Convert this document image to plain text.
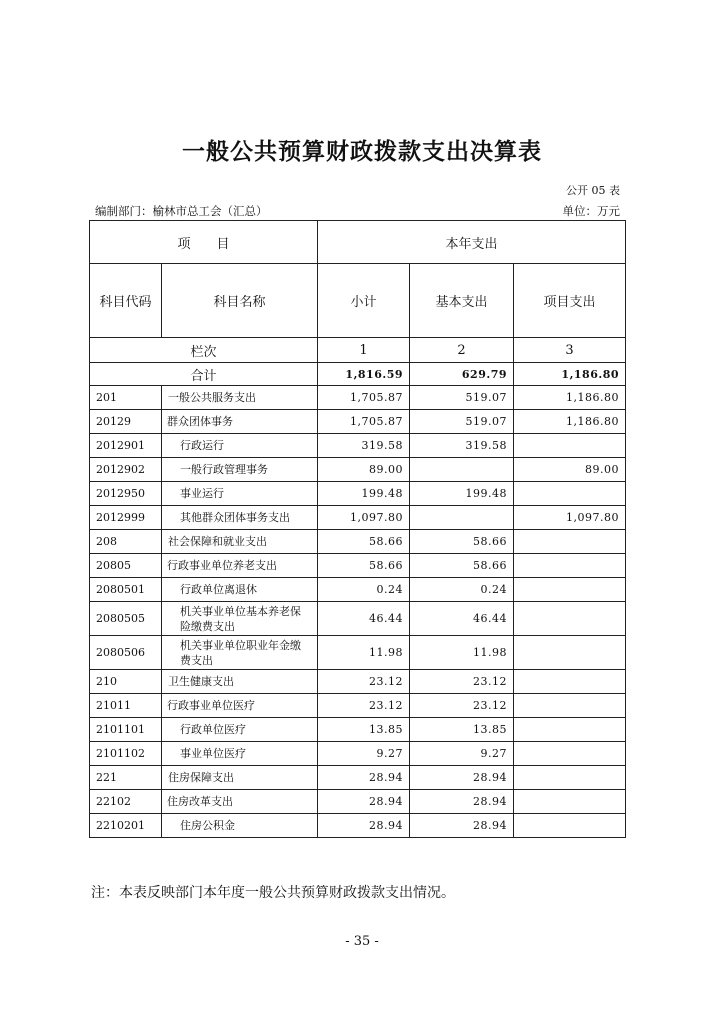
一般公共预算财政拨款支出决算表
公开 05 表
编制部门：榆林市总工会（汇总）	单位：万元
项　　目		本年支出		
科目代码	科目名称	小计	基本支出	项目支出
栏次		1	2	3
合计		1,816.59	629.79	1,186.80
201	一般公共服务支出	1,705.87	519.07	1,186.80
20129	群众团体事务	1,705.87	519.07	1,186.80
2012901	行政运行	319.58	319.58	
2012902	一般行政管理事务	89.00		89.00
2012950	事业运行	199.48	199.48	
2012999	其他群众团体事务支出	1,097.80		1,097.80
208	社会保障和就业支出	58.66	58.66	
20805	行政事业单位养老支出	58.66	58.66	
2080501	行政单位离退休	0.24	0.24	
2080505	机关事业单位基本养老保险缴费支出	46.44	46.44	
2080506	机关事业单位职业年金缴费支出	11.98	11.98	
210	卫生健康支出	23.12	23.12	
21011	行政事业单位医疗	23.12	23.12	
2101101	行政单位医疗	13.85	13.85	
2101102	事业单位医疗	9.27	9.27	
221	住房保障支出	28.94	28.94	
22102	住房改革支出	28.94	28.94	
2210201	住房公积金	28.94	28.94	
注：本表反映部门本年度一般公共预算财政拨款支出情况。
- 35 -
